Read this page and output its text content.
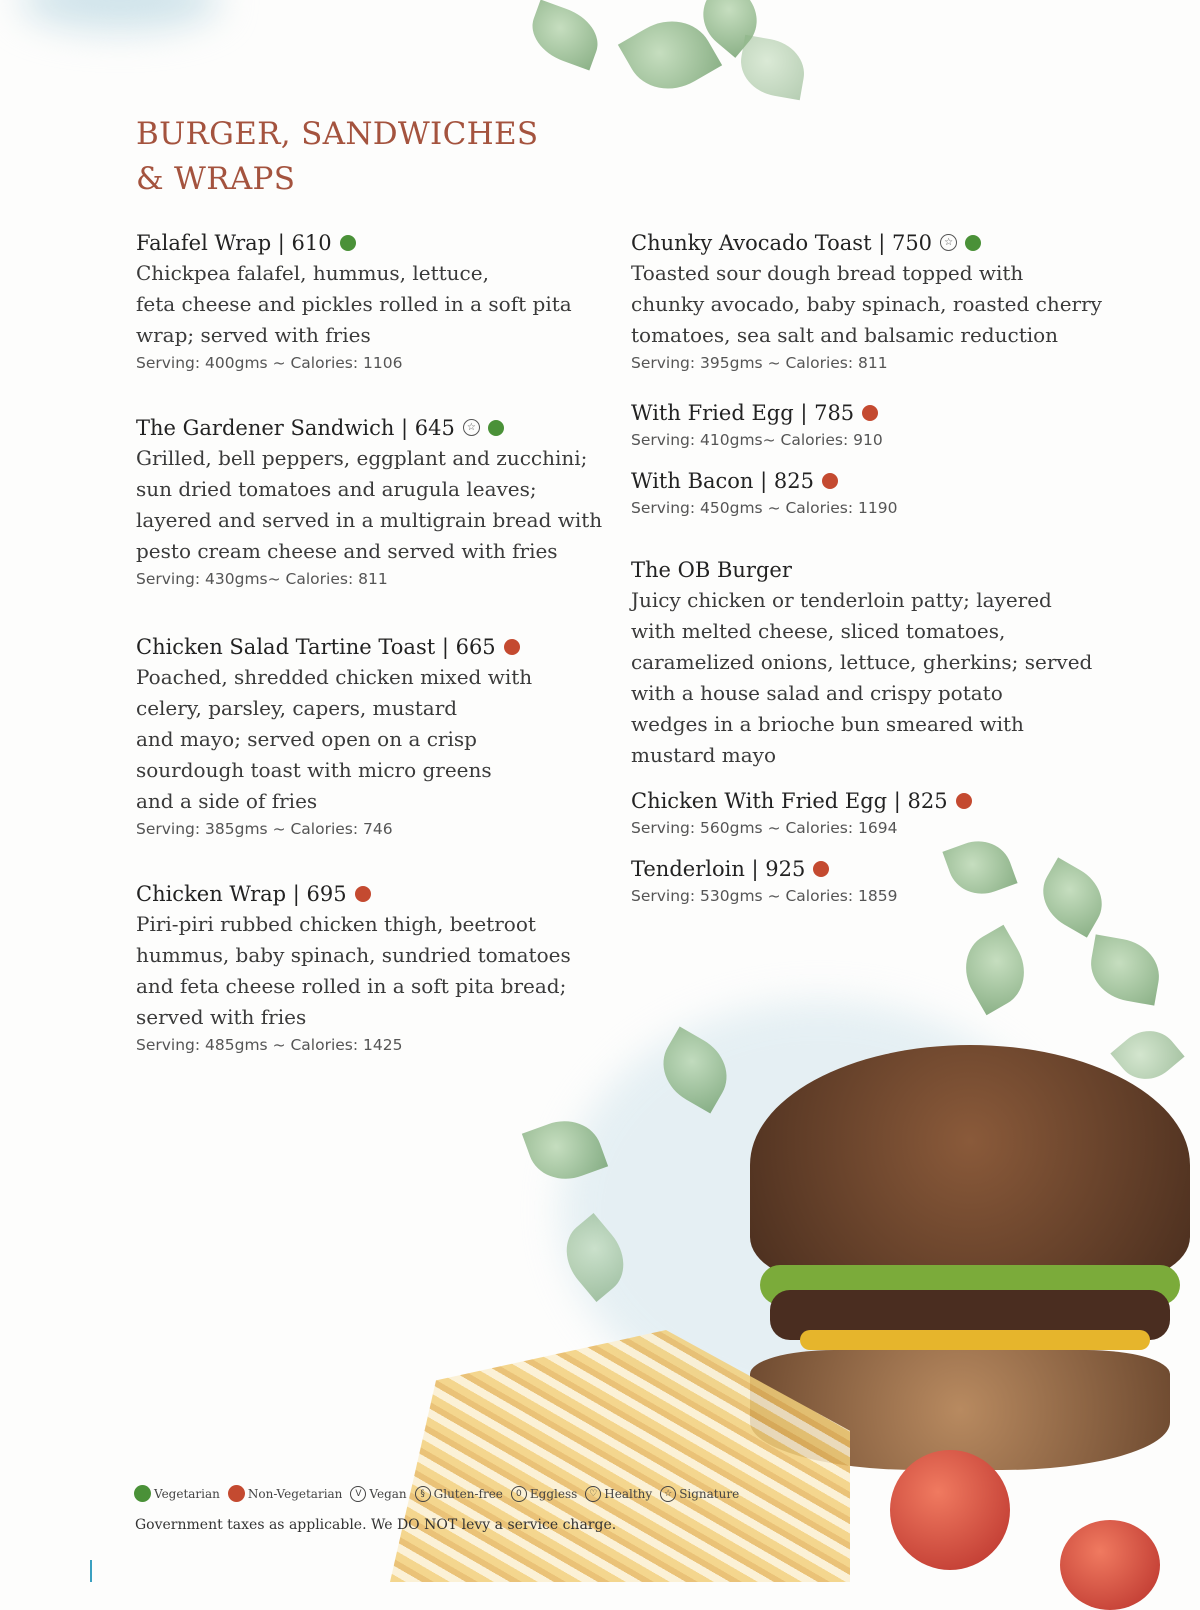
BURGER, SANDWICHES
& WRAPS
Falafel Wrap | 610
Chickpea falafel, hummus, lettuce,
feta cheese and pickles rolled in a soft pita
wrap; served with fries
Serving: 400gms ~ Calories: 1106
The Gardener Sandwich | 645 ☆
Grilled, bell peppers, eggplant and zucchini;
sun dried tomatoes and arugula leaves;
layered and served in a multigrain bread with
pesto cream cheese and served with fries
Serving: 430gms~ Calories: 811
Chicken Salad Tartine Toast | 665
Poached, shredded chicken mixed with
celery, parsley, capers, mustard
and mayo; served open on a crisp
sourdough toast with micro greens
and a side of fries
Serving: 385gms ~ Calories: 746
Chicken Wrap | 695
Piri-piri rubbed chicken thigh, beetroot
hummus, baby spinach, sundried tomatoes
and feta cheese rolled in a soft pita bread;
served with fries
Serving: 485gms ~ Calories: 1425
Chunky Avocado Toast | 750 ☆
Toasted sour dough bread topped with
chunky avocado, baby spinach, roasted cherry
tomatoes, sea salt and balsamic reduction
Serving: 395gms ~ Calories: 811
With Fried Egg | 785
Serving: 410gms~ Calories: 910
With Bacon | 825
Serving: 450gms ~ Calories: 1190
The OB Burger
Juicy chicken or tenderloin patty; layered
with melted cheese, sliced tomatoes,
caramelized onions, lettuce, gherkins; served
with a house salad and crispy potato
wedges in a brioche bun smeared with
mustard mayo
Chicken With Fried Egg | 825
Serving: 560gms ~ Calories: 1694
Tenderloin | 925
Serving: 530gms ~ Calories: 1859
Vegetarian Non-Vegetarian	V Vegan	§ Gluten-free	0 Eggless	♡ Healthy	☆ Signature
Government taxes as applicable. We DO NOT levy a service charge.
